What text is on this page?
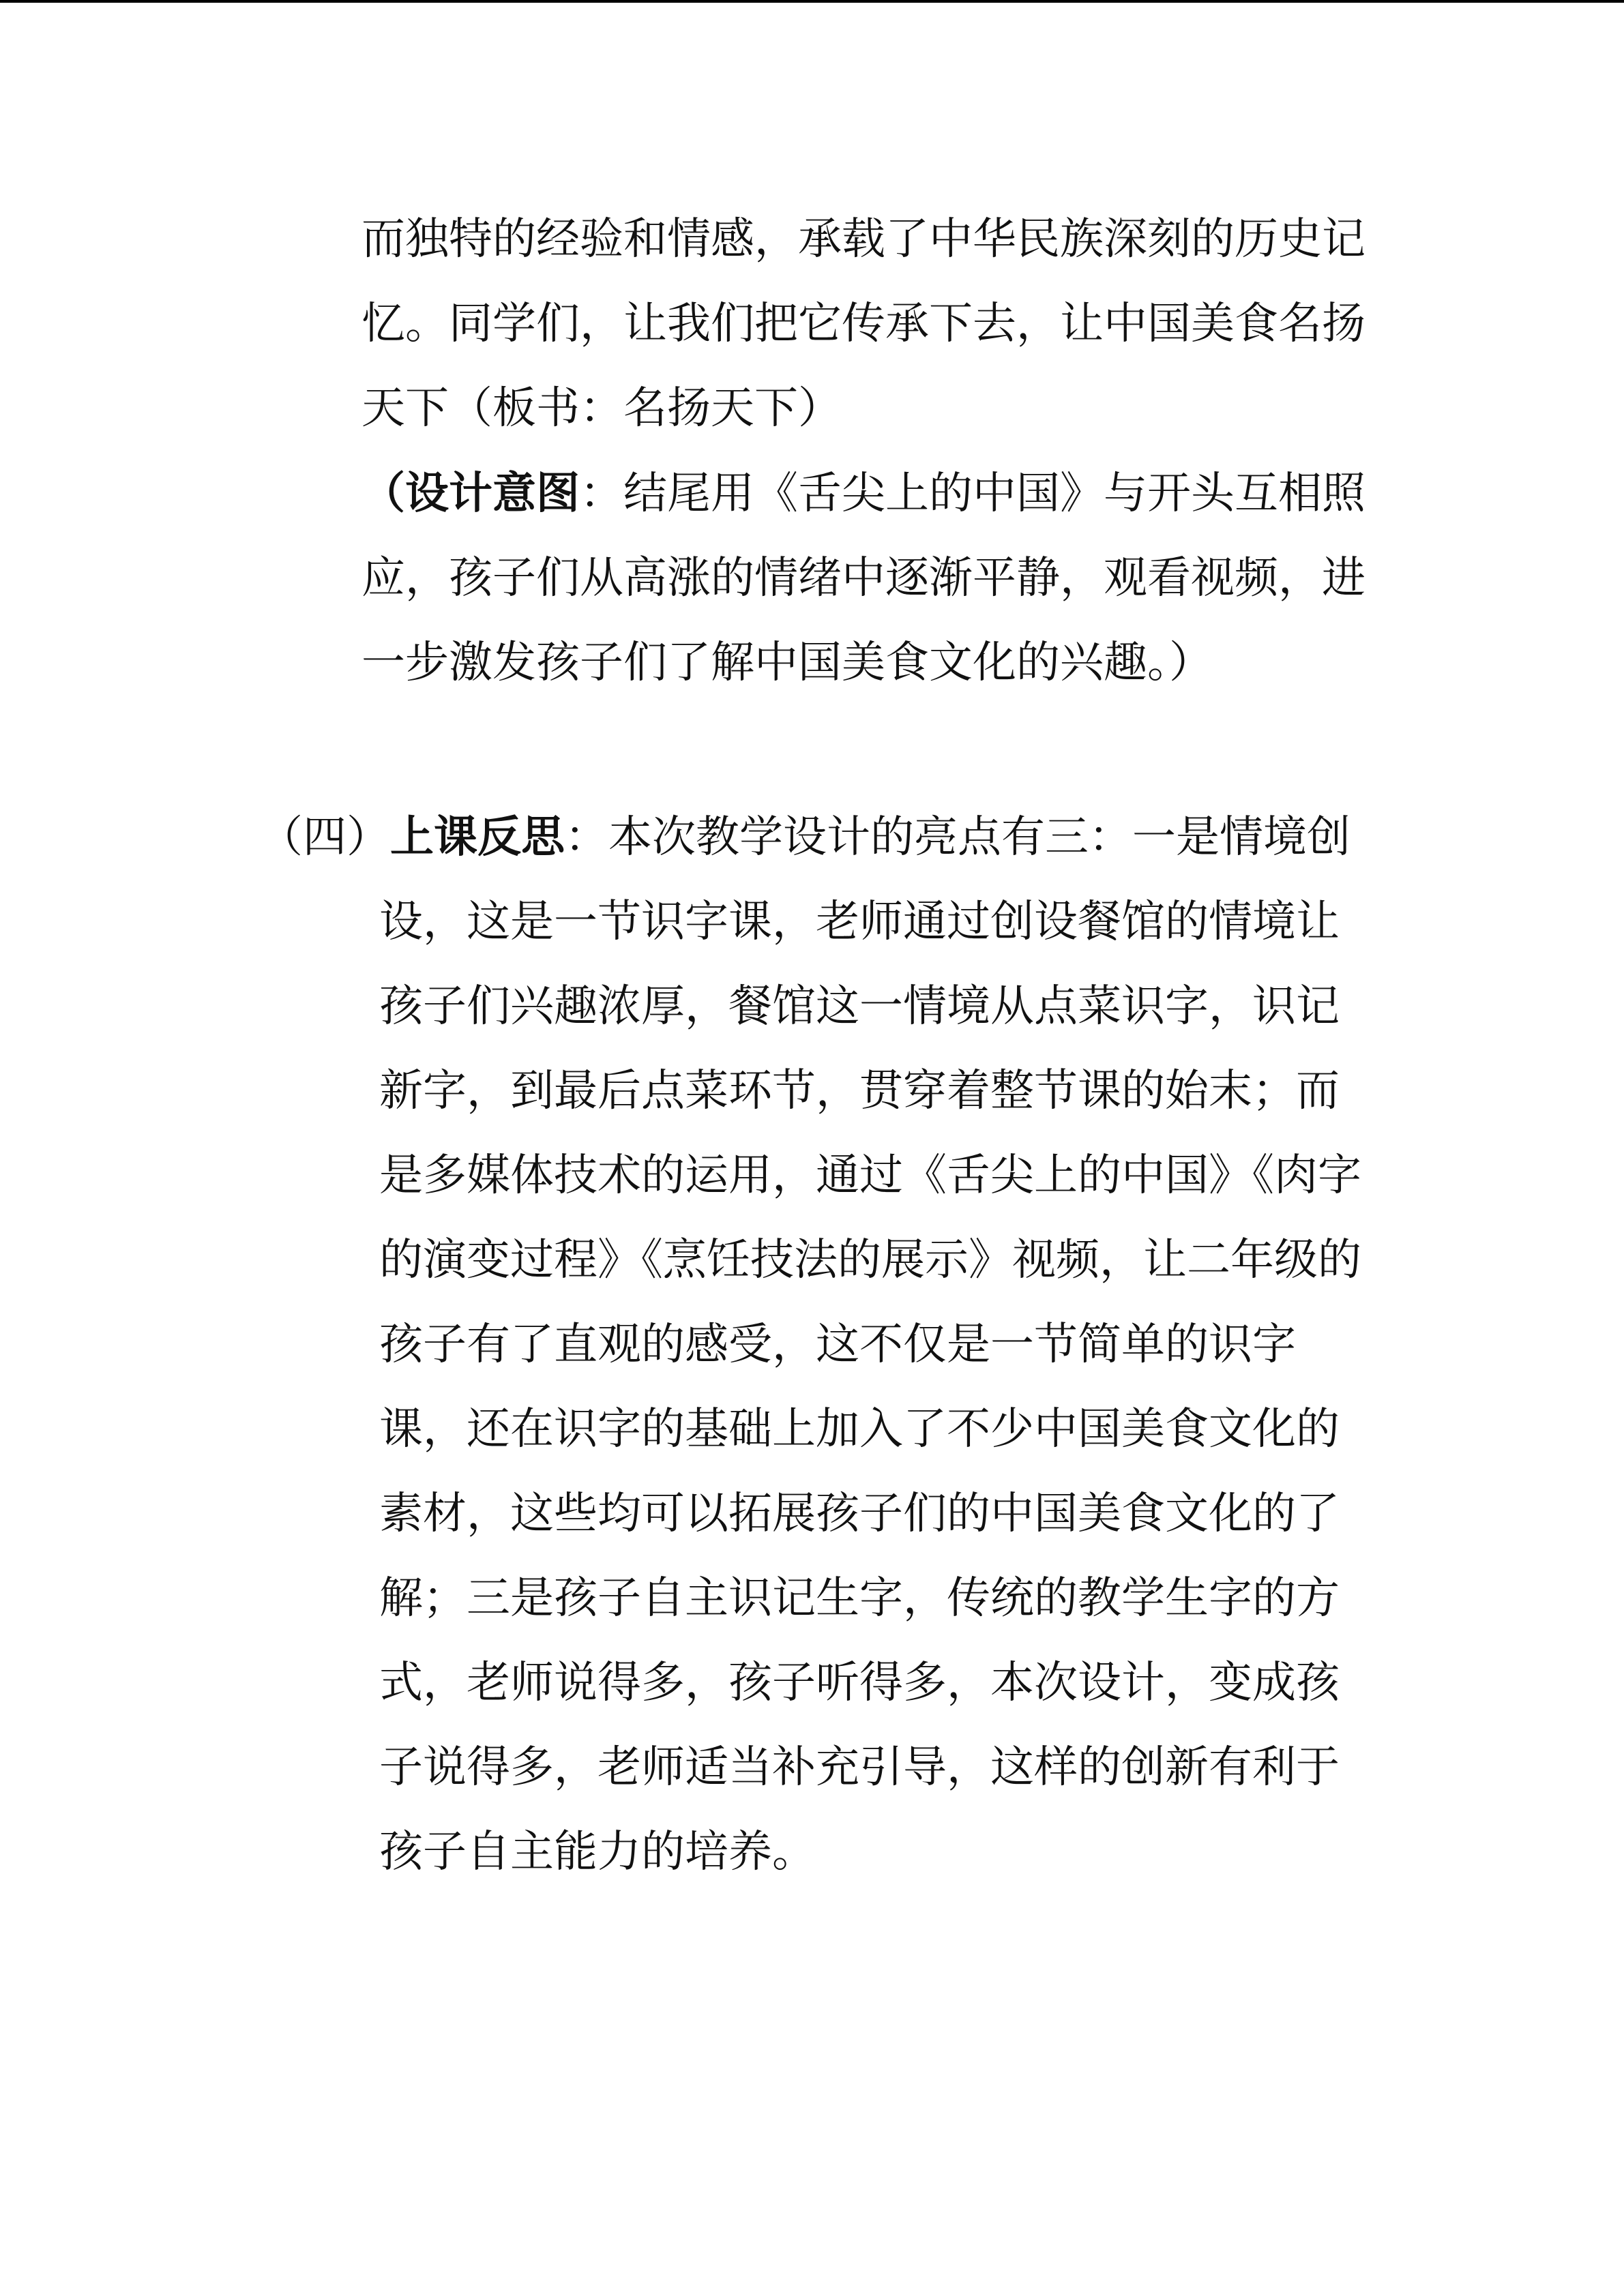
而独特的经验和情感，承载了中华民族深刻的历史记
忆。同学们，让我们把它传承下去，让中国美食名扬
天下（板书：名扬天下）
（设计意图：结尾用《舌尖上的中国》与开头互相照
应，孩子们从高涨的情绪中逐渐平静，观看视频，进
一步激发孩子们了解中国美食文化的兴趣。）
（四）上课反思：本次教学设计的亮点有三：一是情境创
设，这是一节识字课，老师通过创设餐馆的情境让
孩子们兴趣浓厚，餐馆这一情境从点菜识字，识记
新字，到最后点菜环节，贯穿着整节课的始末；而
是多媒体技术的运用，通过《舌尖上的中国》《肉字
的演变过程》《烹饪技法的展示》视频，让二年级的
孩子有了直观的感受，这不仅是一节简单的识字
课，还在识字的基础上加入了不少中国美食文化的
素材，这些均可以拓展孩子们的中国美食文化的了
解；三是孩子自主识记生字，传统的教学生字的方
式，老师说得多，孩子听得多，本次设计，变成孩
子说得多，老师适当补充引导，这样的创新有利于
孩子自主能力的培养。
